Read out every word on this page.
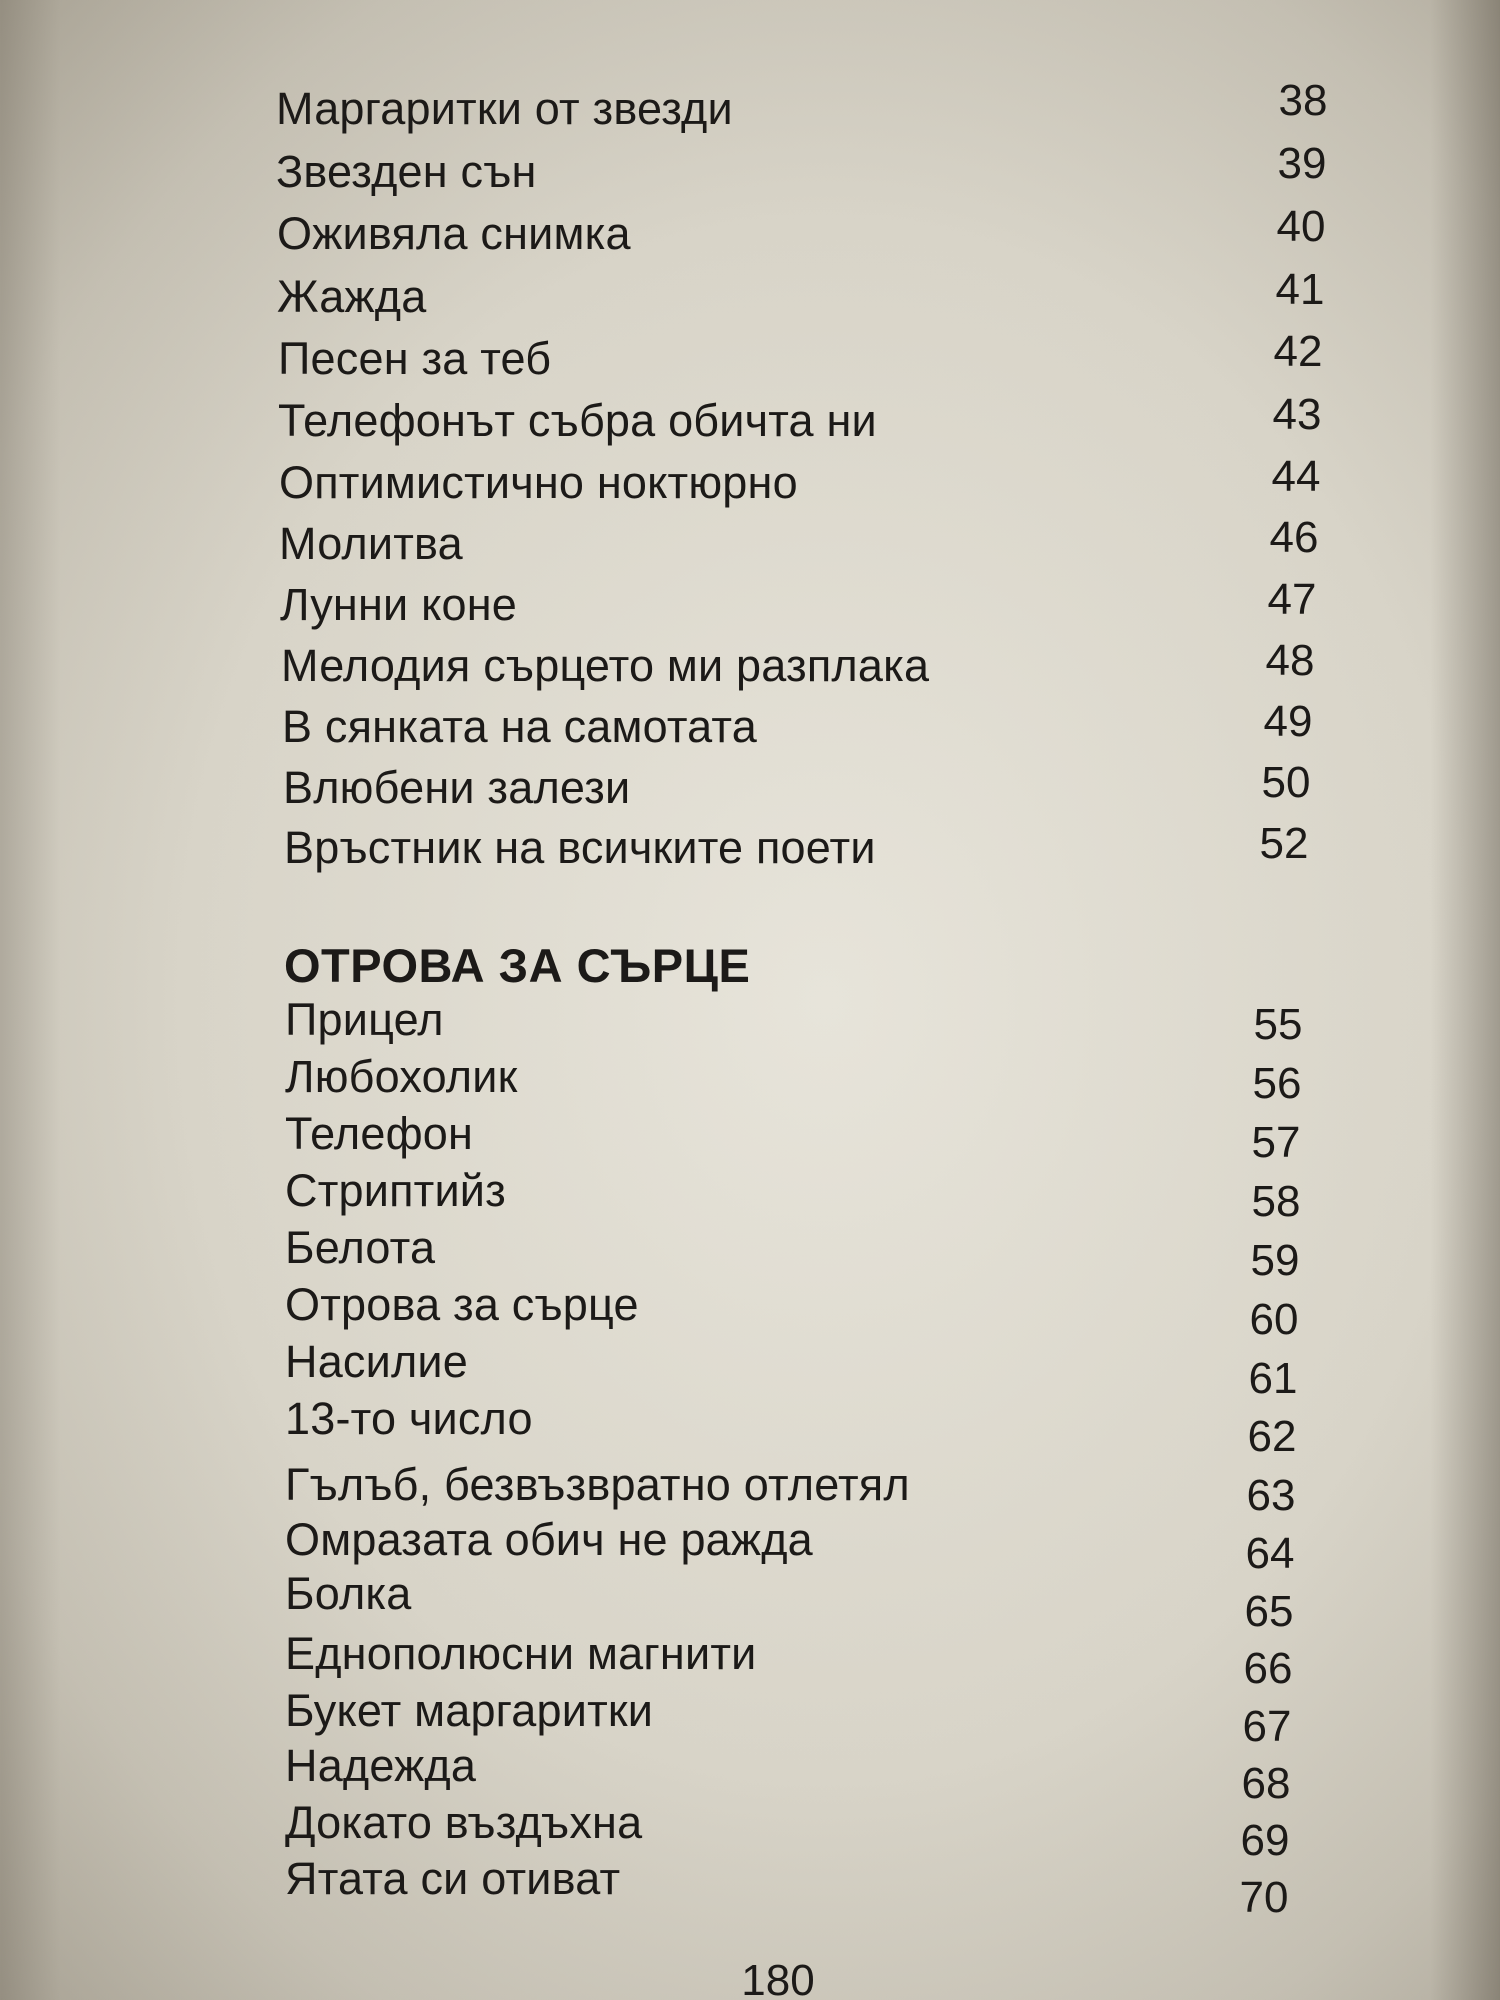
Маргаритки от звезди	38
Звезден сън	39
Оживяла снимка	40
Жажда	41
Песен за теб	42
Телефонът събра обичта ни	43
Оптимистично ноктюрно	44
Молитва	46
Лунни коне	47
Мелодия сърцето ми разплака	48
В сянката на самотата	49
Влюбени залези	50
Връстник на всичките поети	52
ОТРОВА ЗА СЪРЦЕ
Прицел	55
Любохолик	56
Телефон	57
Стриптийз	58
Белота	59
Отрова за сърце	60
Насилие	61
13-то число	62
Гълъб, безвъзвратно отлетял	63
Омразата обич не ражда	64
Болка	65
Еднополюсни магнити	66
Букет маргаритки	67
Надежда	68
Докато въздъхна	69
Ятата си отиват	70
180
